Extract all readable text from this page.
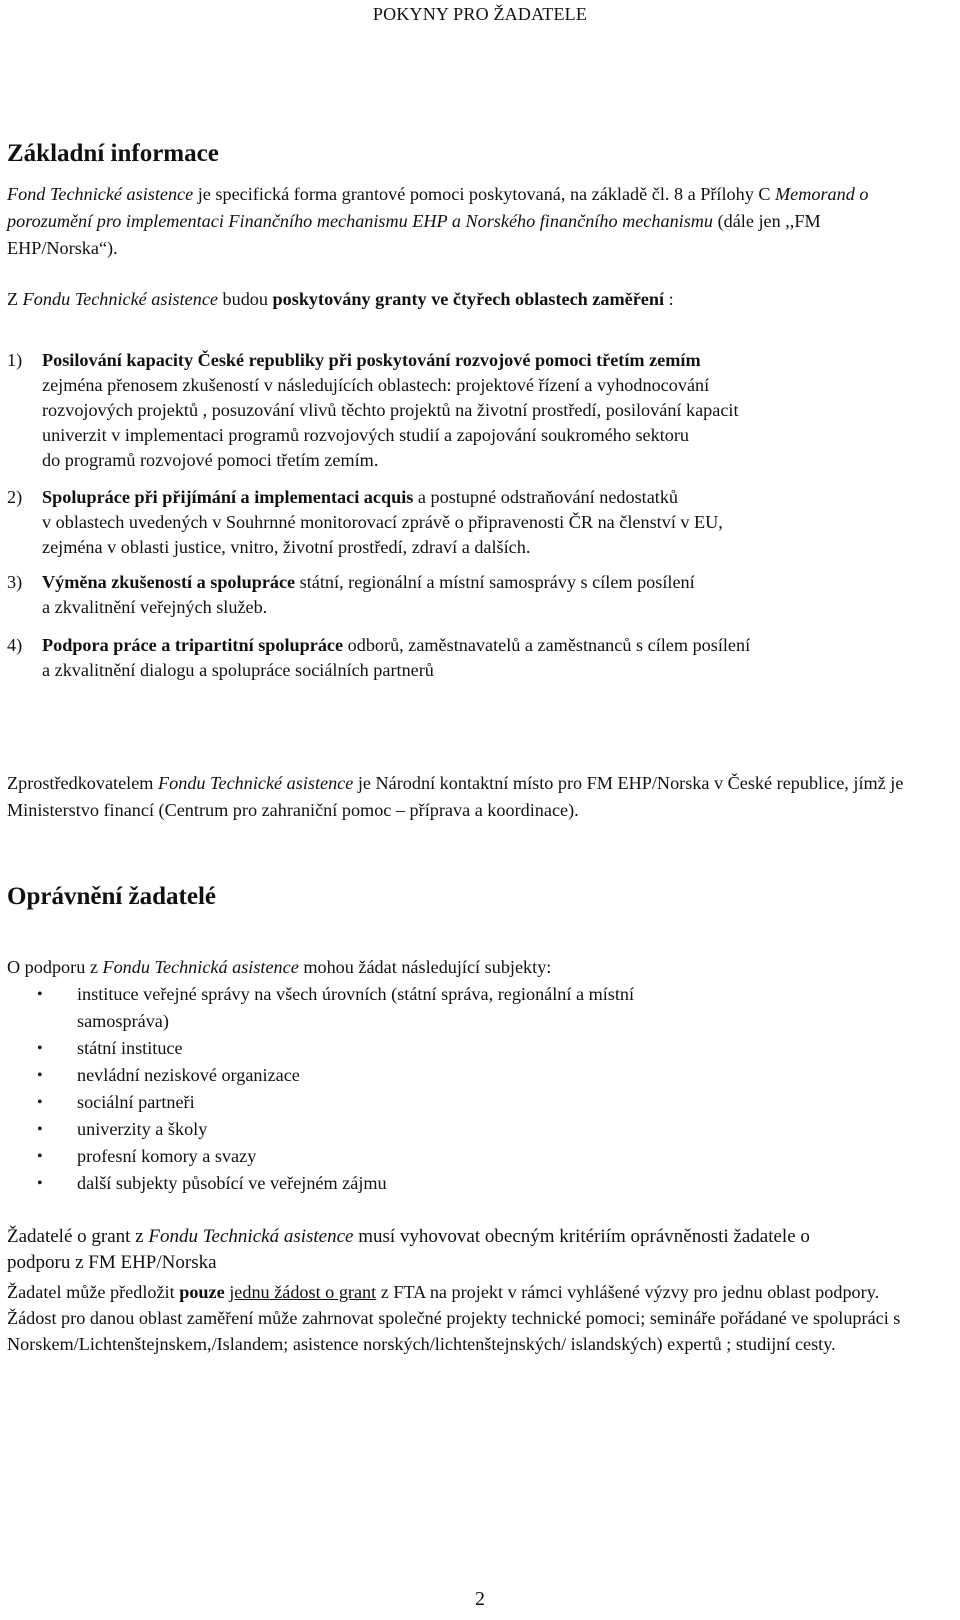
POKYNY PRO ŽADATELE
Základní informace

Fond Technické asistence je specifická forma grantové pomoci poskytovaná, na základě čl. 8 a Přílohy C Memorand o porozumění pro implementaci Finančního mechanismu EHP a Norského finančního mechanismu (dále jen ,,FM EHP/Norska“).

Z Fondu Technické asistence budou poskytovány granty ve čtyřech oblastech zaměření :

1) Posilování kapacity České republiky při poskytování rozvojové pomoci třetím zemím
zejména přenosem zkušeností v následujících oblastech: projektové řízení a vyhodnocování
rozvojových projektů , posuzování vlivů těchto projektů na životní prostředí, posilování kapacit
univerzit v implementaci programů rozvojových studií a zapojování soukromého sektoru
do programů rozvojové pomoci třetím zemím.
2) Spolupráce při přijímání a implementaci acquis a postupné odstraňování nedostatků
v oblastech uvedených v Souhrnné monitorovací zprávě o připravenosti ČR na členství v EU,
zejména v oblasti justice, vnitro, životní prostředí, zdraví a dalších.
3) Výměna zkušeností a spolupráce státní, regionální a místní samosprávy s cílem posílení
a zkvalitnění veřejných služeb.
4) Podpora práce a tripartitní spolupráce odborů, zaměstnavatelů a zaměstnanců s cílem posílení
a zkvalitnění dialogu a spolupráce sociálních partnerů

Zprostředkovatelem Fondu Technické asistence je Národní kontaktní místo pro FM EHP/Norska v České republice, jímž je Ministerstvo financí (Centrum pro zahraniční pomoc – příprava a koordinace).

Oprávnění žadatelé

O podporu z Fondu Technická asistence mohou žádat následující subjekty:

• instituce veřejné správy na všech úrovních (státní správa, regionální a místní samospráva)
• státní instituce
• nevládní neziskové organizace
• sociální partneři
• univerzity a školy
• profesní komory a svazy
• další subjekty působící ve veřejném zájmu

Žadatelé o grant z Fondu Technická asistence musí vyhovovat obecným kritériím oprávněnosti žadatele o podporu z FM EHP/Norska

Žadatel může předložit pouze jednu žádost o grant z FTA na projekt v rámci vyhlášené výzvy pro jednu oblast podpory. Žádost pro danou oblast zaměření může zahrnovat společné projekty technické pomoci; semináře pořádané ve spolupráci s Norskem/Lichtenštejnskem,/Islandem; asistence norských/lichtenštejnských/ islandských) expertů ; studijní cesty.

2
